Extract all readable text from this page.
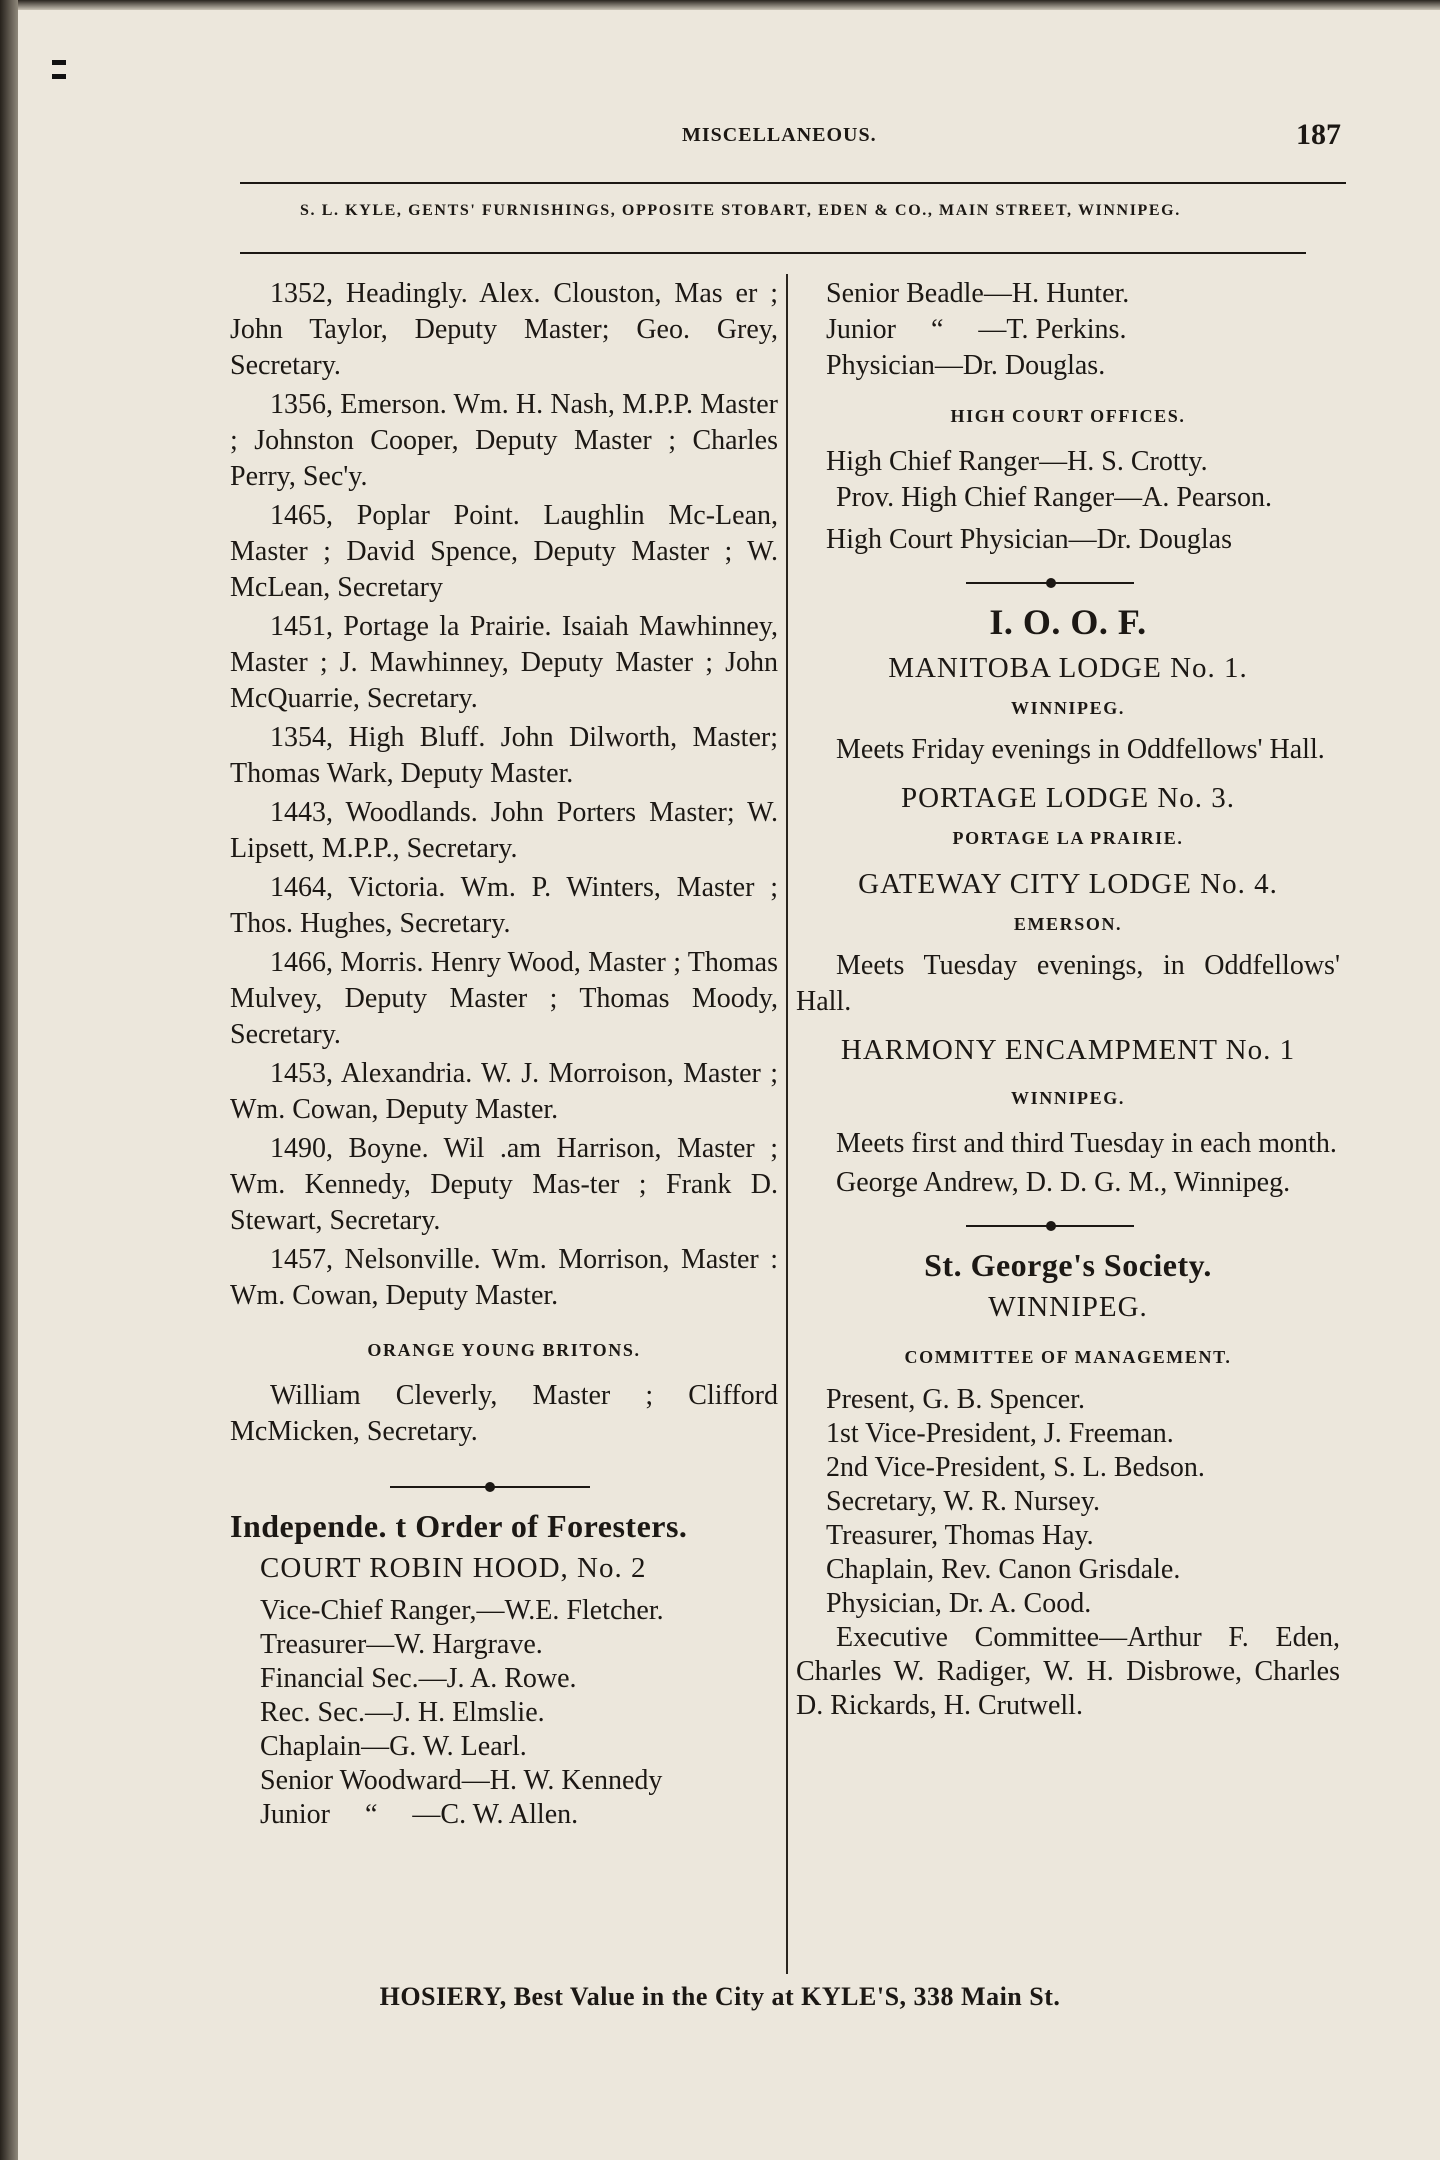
MISCELLANEOUS.	187
S. L. KYLE, GENTS' FURNISHINGS, OPPOSITE STOBART, EDEN & CO., MAIN STREET, WINNIPEG.

1352, Headingly. Alex. Clouston, Mas er ; John Taylor, Deputy Master; Geo. Grey, Secretary.

1356, Emerson. Wm. H. Nash, M.P.P. Master ; Johnston Cooper, Deputy Master ; Charles Perry, Sec'y.

1465, Poplar Point. Laughlin Mc-Lean, Master ; David Spence, Deputy Master ; W. McLean, Secretary

1451, Portage la Prairie. Isaiah Mawhinney, Master ; J. Mawhinney, Deputy Master ; John McQuarrie, Secretary.

1354, High Bluff. John Dilworth, Master; Thomas Wark, Deputy Master.

1443, Woodlands. John Porters Master; W. Lipsett, M.P.P., Secretary.

1464, Victoria. Wm. P. Winters, Master ; Thos. Hughes, Secretary.

1466, Morris. Henry Wood, Master ; Thomas Mulvey, Deputy Master ; Thomas Moody, Secretary.

1453, Alexandria. W. J. Morroison, Master ; Wm. Cowan, Deputy Master.

1490, Boyne. Wil .am Harrison, Master ; Wm. Kennedy, Deputy Mas-ter ; Frank D. Stewart, Secretary.

1457, Nelsonville. Wm. Morrison, Master : Wm. Cowan, Deputy Master.

ORANGE YOUNG BRITONS.

William Cleverly, Master ; Clifford McMicken, Secretary.

Independe. t Order of Foresters.
COURT ROBIN HOOD, No. 2
Vice-Chief Ranger,—W.E. Fletcher.
Treasurer—W. Hargrave.
Financial Sec.—J. A. Rowe.
Rec. Sec.—J. H. Elmslie.
Chaplain—G. W. Learl.
Senior Woodward—H. W. Kennedy
Junior     “     —C. W. Allen.
Senior Beadle—H. Hunter.
Junior     “     —T. Perkins.
Physician—Dr. Douglas.
HIGH COURT OFFICES.
High Chief Ranger—H. S. Crotty.

Prov. High Chief Ranger—A. Pearson.

High Court Physician—Dr. Douglas
I. O. O. F.
MANITOBA LODGE No. 1.
WINNIPEG.

Meets Friday evenings in Oddfellows' Hall.

PORTAGE LODGE No. 3.
PORTAGE LA PRAIRIE.
GATEWAY CITY LODGE No. 4.
EMERSON.

Meets Tuesday evenings, in Oddfellows' Hall.

HARMONY ENCAMPMENT No. 1
WINNIPEG.

Meets first and third Tuesday in each month.

George Andrew, D. D. G. M., Winnipeg.

St. George's Society.
WINNIPEG.
COMMITTEE OF MANAGEMENT.
Present, G. B. Spencer.
1st Vice-President, J. Freeman.
2nd Vice-President, S. L. Bedson.
Secretary, W. R. Nursey.
Treasurer, Thomas Hay.
Chaplain, Rev. Canon Grisdale.
Physician, Dr. A. Cood.

Executive Committee—Arthur F. Eden, Charles W. Radiger, W. H. Disbrowe, Charles D. Rickards, H. Crutwell.

HOSIERY, Best Value in the City at KYLE'S, 338 Main St.
